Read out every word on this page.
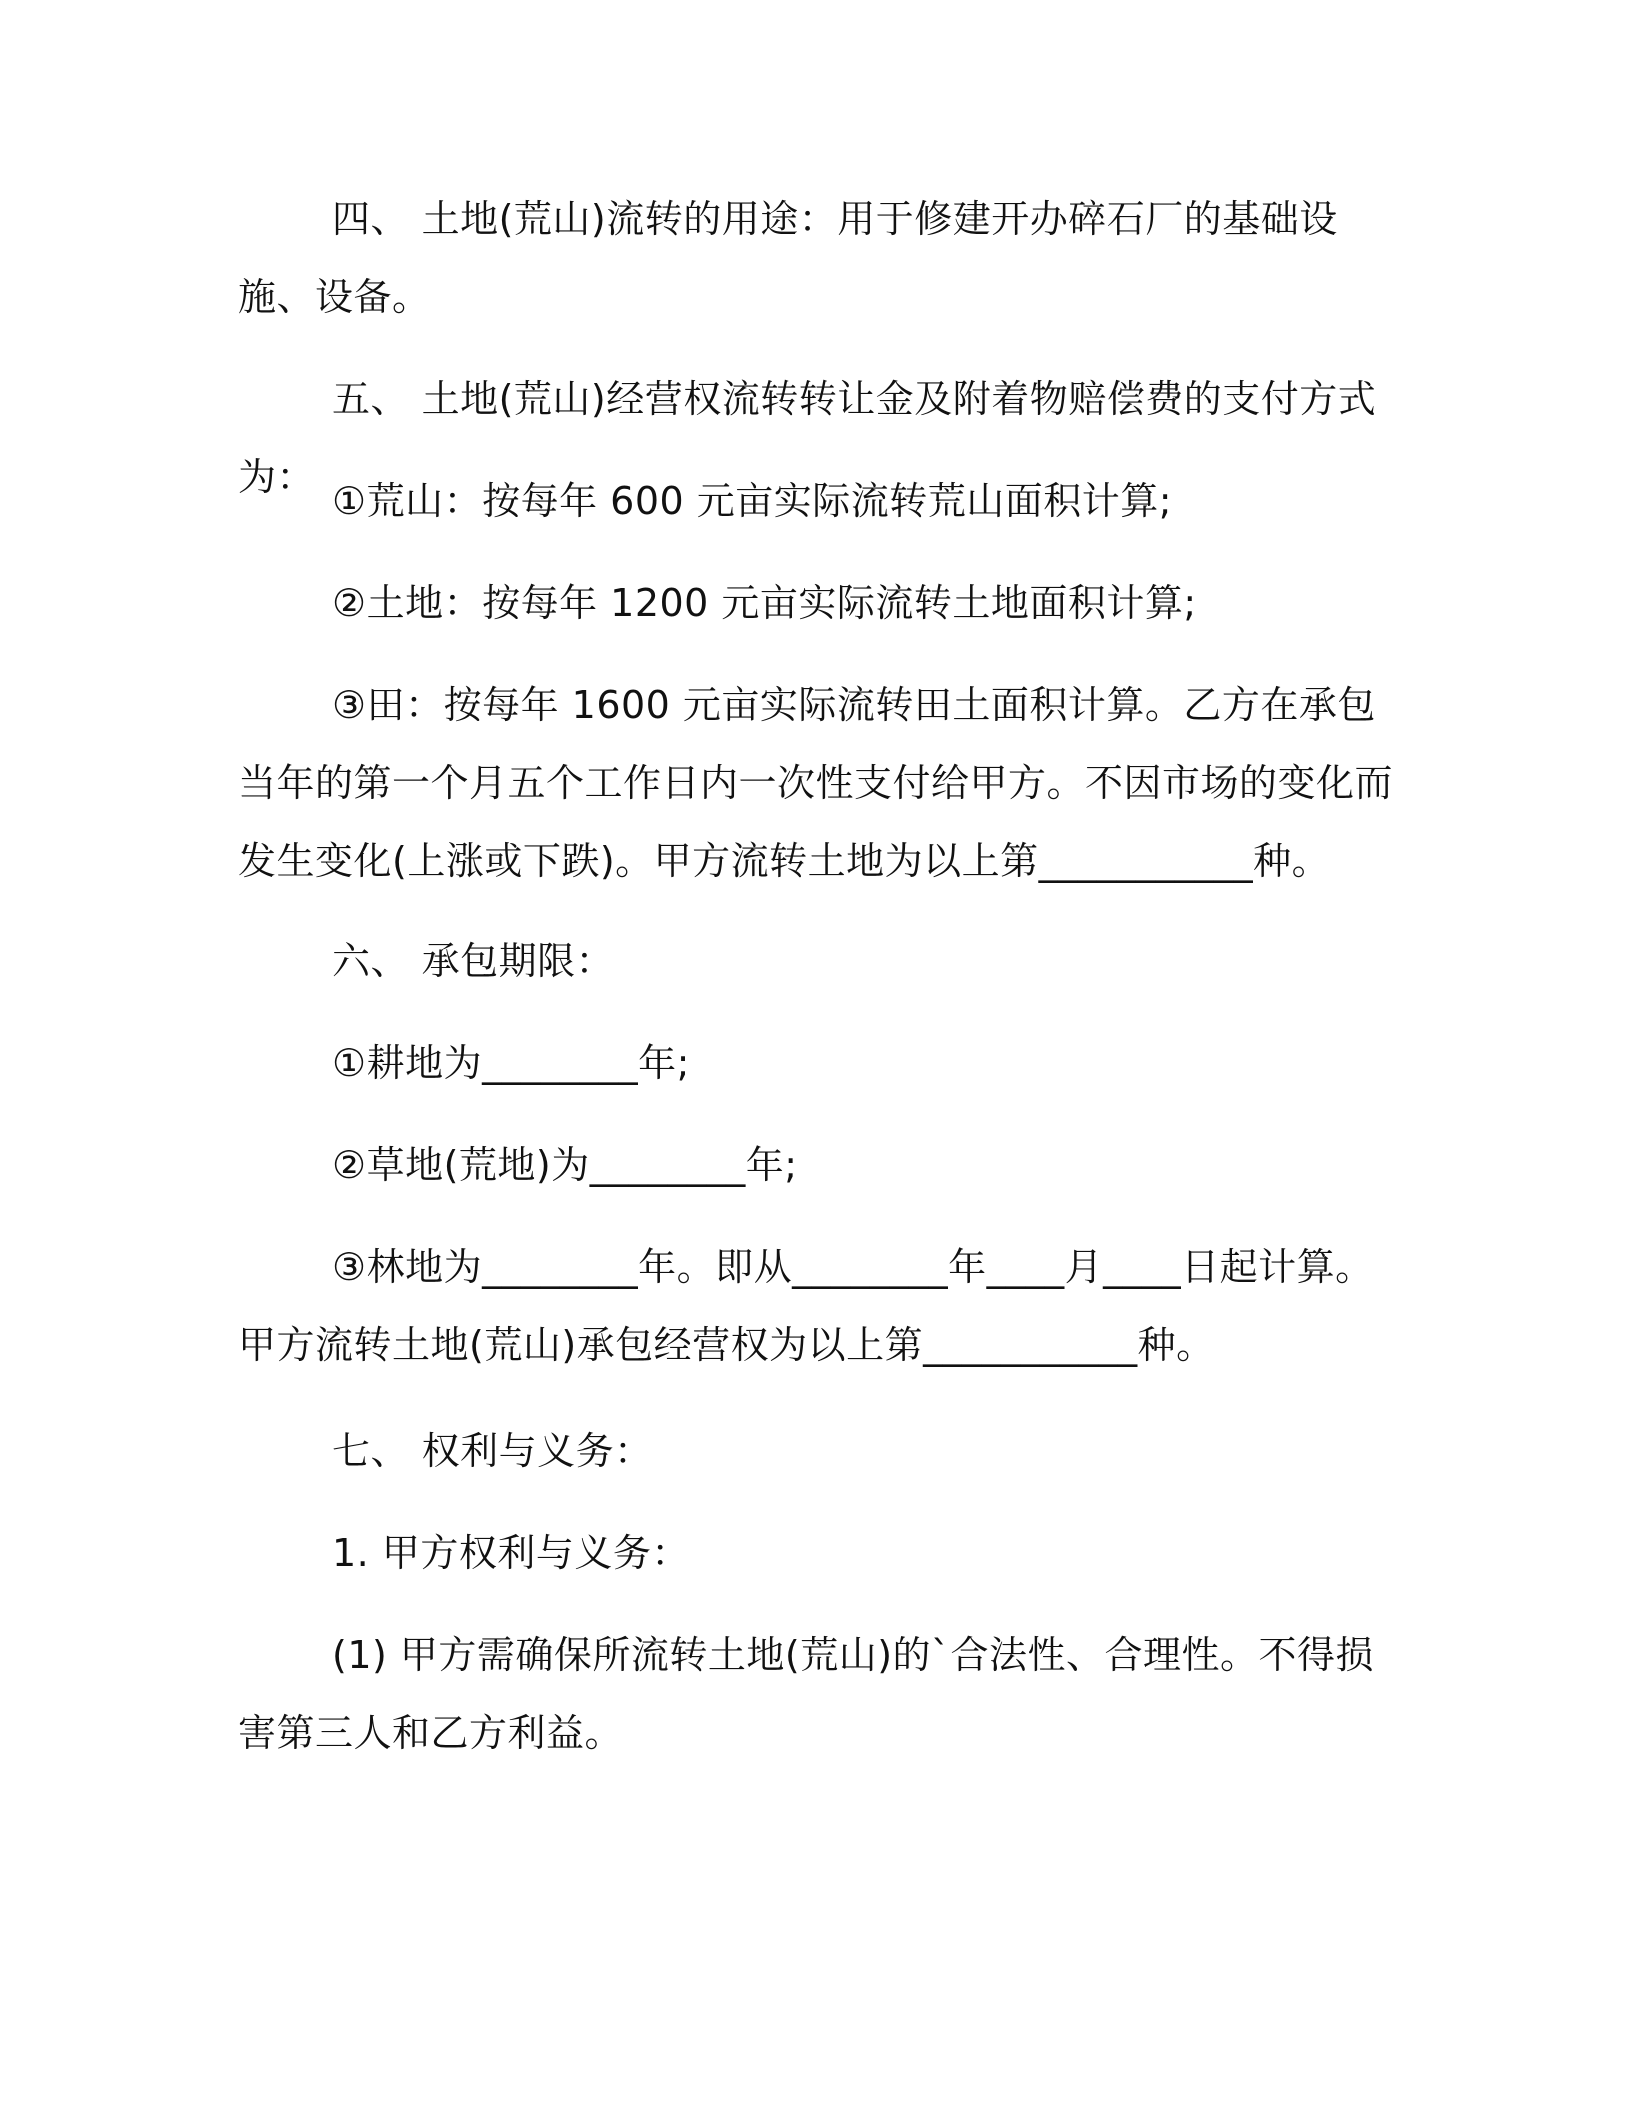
四、 土地(荒山)流转的用途：用于修建开办碎石厂的基础设施、设备。

五、 土地(荒山)经营权流转转让金及附着物赔偿费的支付方式为：

①荒山：按每年 600 元亩实际流转荒山面积计算;

②土地：按每年 1200 元亩实际流转土地面积计算;

③田：按每年 1600 元亩实际流转田土面积计算。乙方在承包当年的第一个月五个工作日内一次性支付给甲方。不因市场的变化而发生变化(上涨或下跌)。甲方流转土地为以上第___________种。

六、 承包期限：

①耕地为________年;

②草地(荒地)为________年;

③林地为________年。即从________年____月____日起计算。甲方流转土地(荒山)承包经营权为以上第___________种。

七、 权利与义务：

1. 甲方权利与义务：

(1) 甲方需确保所流转土地(荒山)的`合法性、合理性。不得损害第三人和乙方利益。
